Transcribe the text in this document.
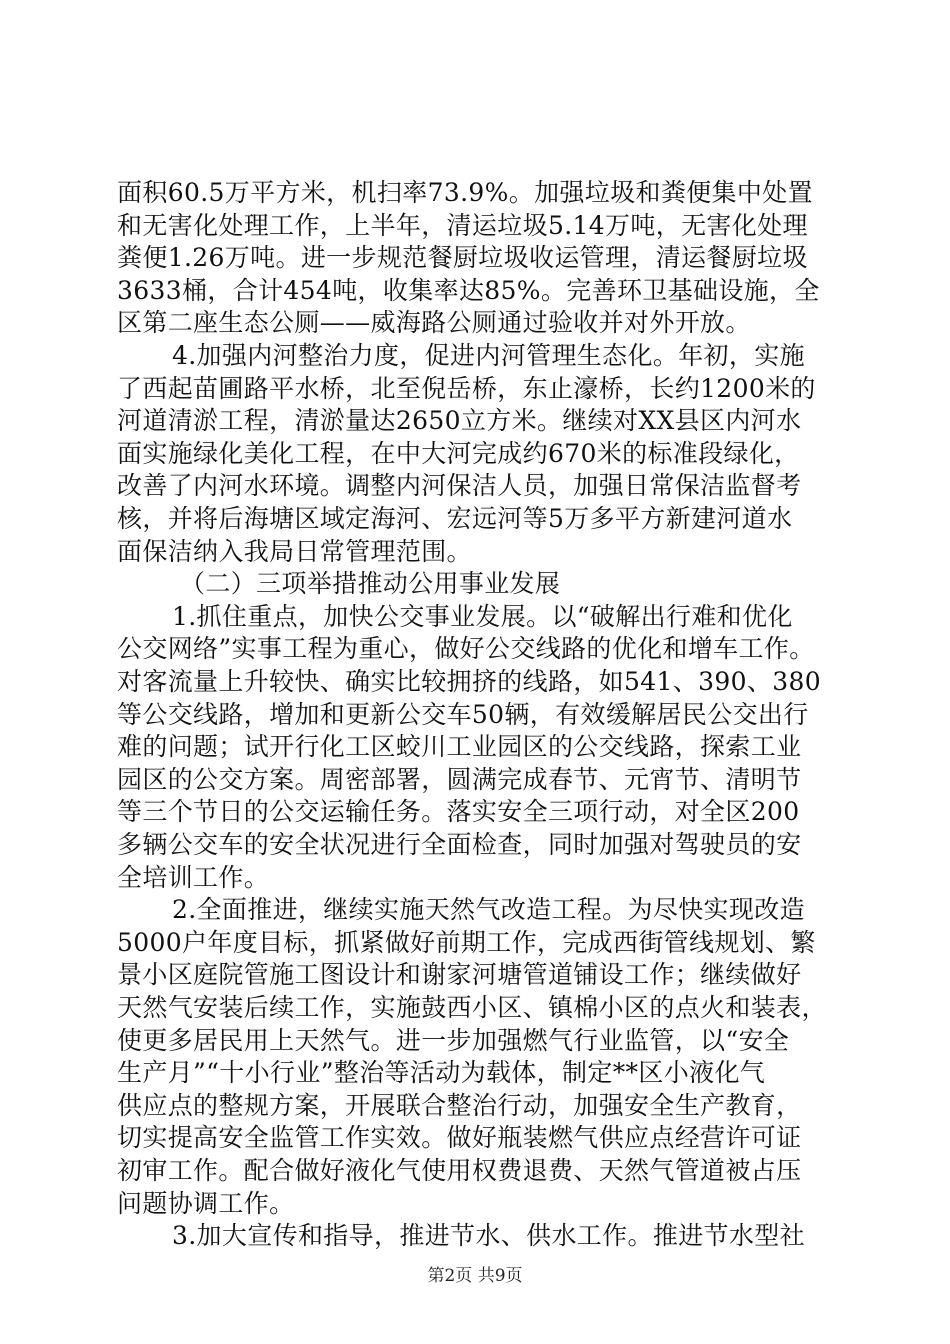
面积60.5万平方米，机扫率73.9%。加强垃圾和粪便集中处置
和无害化处理工作，上半年，清运垃圾5.14万吨，无害化处理
粪便1.26万吨。进一步规范餐厨垃圾收运管理，清运餐厨垃圾
3633桶，合计454吨，收集率达85%。完善环卫基础设施，全
区第二座生态公厕——威海路公厕通过验收并对外开放。
4.加强内河整治力度，促进内河管理生态化。年初，实施
了西起苗圃路平水桥，北至倪岳桥，东止濠桥，长约1200米的
河道清淤工程，清淤量达2650立方米。继续对XX县区内河水
面实施绿化美化工程，在中大河完成约670米的标准段绿化，
改善了内河水环境。调整内河保洁人员，加强日常保洁监督考
核，并将后海塘区域定海河、宏远河等5万多平方新建河道水
面保洁纳入我局日常管理范围。
（二）三项举措推动公用事业发展
1.抓住重点，加快公交事业发展。以“破解出行难和优化
公交网络”实事工程为重心，做好公交线路的优化和增车工作。
对客流量上升较快、确实比较拥挤的线路，如541、390、380
等公交线路，增加和更新公交车50辆，有效缓解居民公交出行
难的问题；试开行化工区蛟川工业园区的公交线路，探索工业
园区的公交方案。周密部署，圆满完成春节、元宵节、清明节
等三个节日的公交运输任务。落实安全三项行动，对全区200
多辆公交车的安全状况进行全面检查，同时加强对驾驶员的安
全培训工作。
2.全面推进，继续实施天然气改造工程。为尽快实现改造
5000户年度目标，抓紧做好前期工作，完成西街管线规划、繁
景小区庭院管施工图设计和谢家河塘管道铺设工作；继续做好
天然气安装后续工作，实施鼓西小区、镇棉小区的点火和装表，
使更多居民用上天然气。进一步加强燃气行业监管，以“安全
生产月”“十小行业”整治等活动为载体，制定**区小液化气
供应点的整规方案，开展联合整治行动，加强安全生产教育，
切实提高安全监管工作实效。做好瓶装燃气供应点经营许可证
初审工作。配合做好液化气使用权费退费、天然气管道被占压
问题协调工作。
第2页 共9页
3.加大宣传和指导，推进节水、供水工作。推进节水型社
